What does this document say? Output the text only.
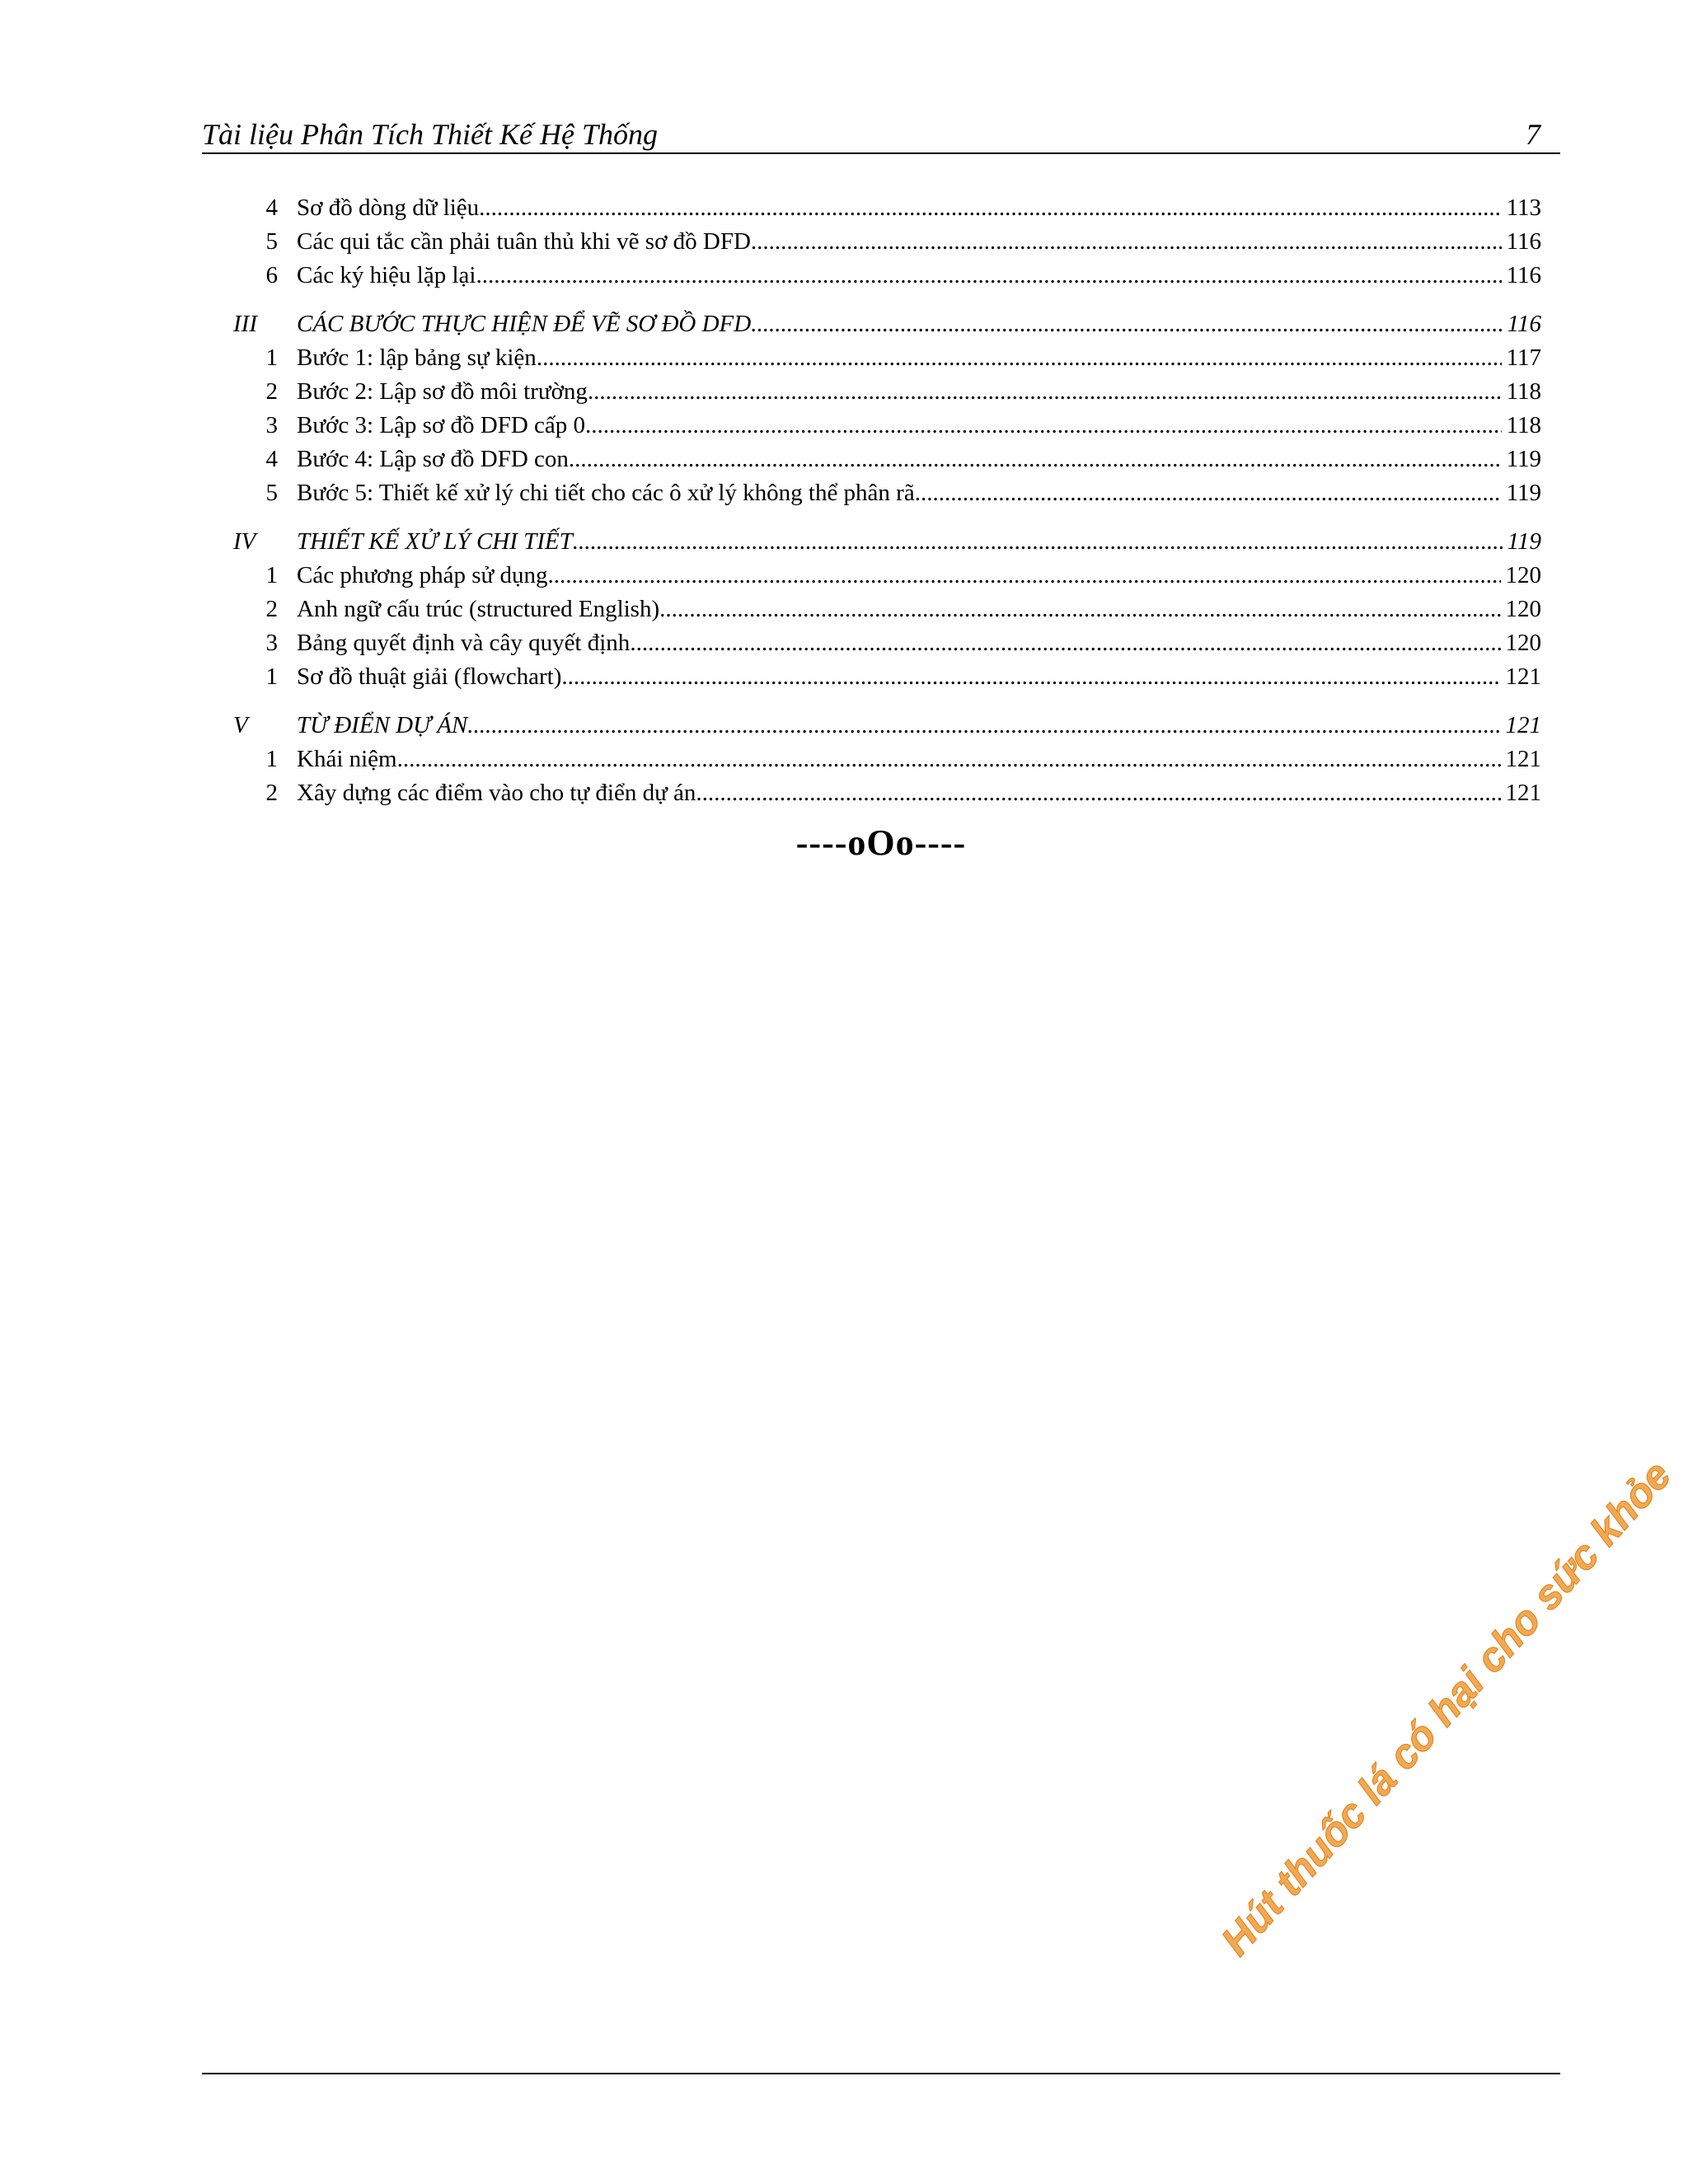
Tài liệu Phân Tích Thiết Kế Hệ Thống	7
4 Sơ đồ dòng dữ liệu .....	113
5 Các qui tắc cần phải tuân thủ khi vẽ sơ đồ DFD .....	116
6 Các ký hiệu lặp lại .....	116
III CÁC BƯỚC THỰC HIỆN ĐỂ VẼ SƠ ĐỒ DFD .....	116
1 Bước 1: lập bảng sự kiện .....	117
2 Bước 2: Lập sơ đồ môi trường .....	118
3 Bước 3: Lập sơ đồ DFD cấp 0 .....	118
4 Bước 4: Lập sơ đồ DFD con .....	119
5 Bước 5: Thiết kế xử lý chi tiết cho các ô xử lý không thể phân rã. .....	119
IV THIẾT KẾ XỬ LÝ CHI TIẾT .....	119
1 Các phương pháp sử dụng .....	120
2 Anh ngữ cấu trúc (structured English) .....	120
3 Bảng quyết định và cây quyết định .....	120
1 Sơ đồ thuật giải (flowchart) .....	121
V TỪ ĐIỂN DỰ ÁN .....	121
1 Khái niệm .....	121
2 Xây dựng các điểm vào cho tự điển dự án .....	121
----oOo----
Hút thuốc lá có hại cho sức khỏe
